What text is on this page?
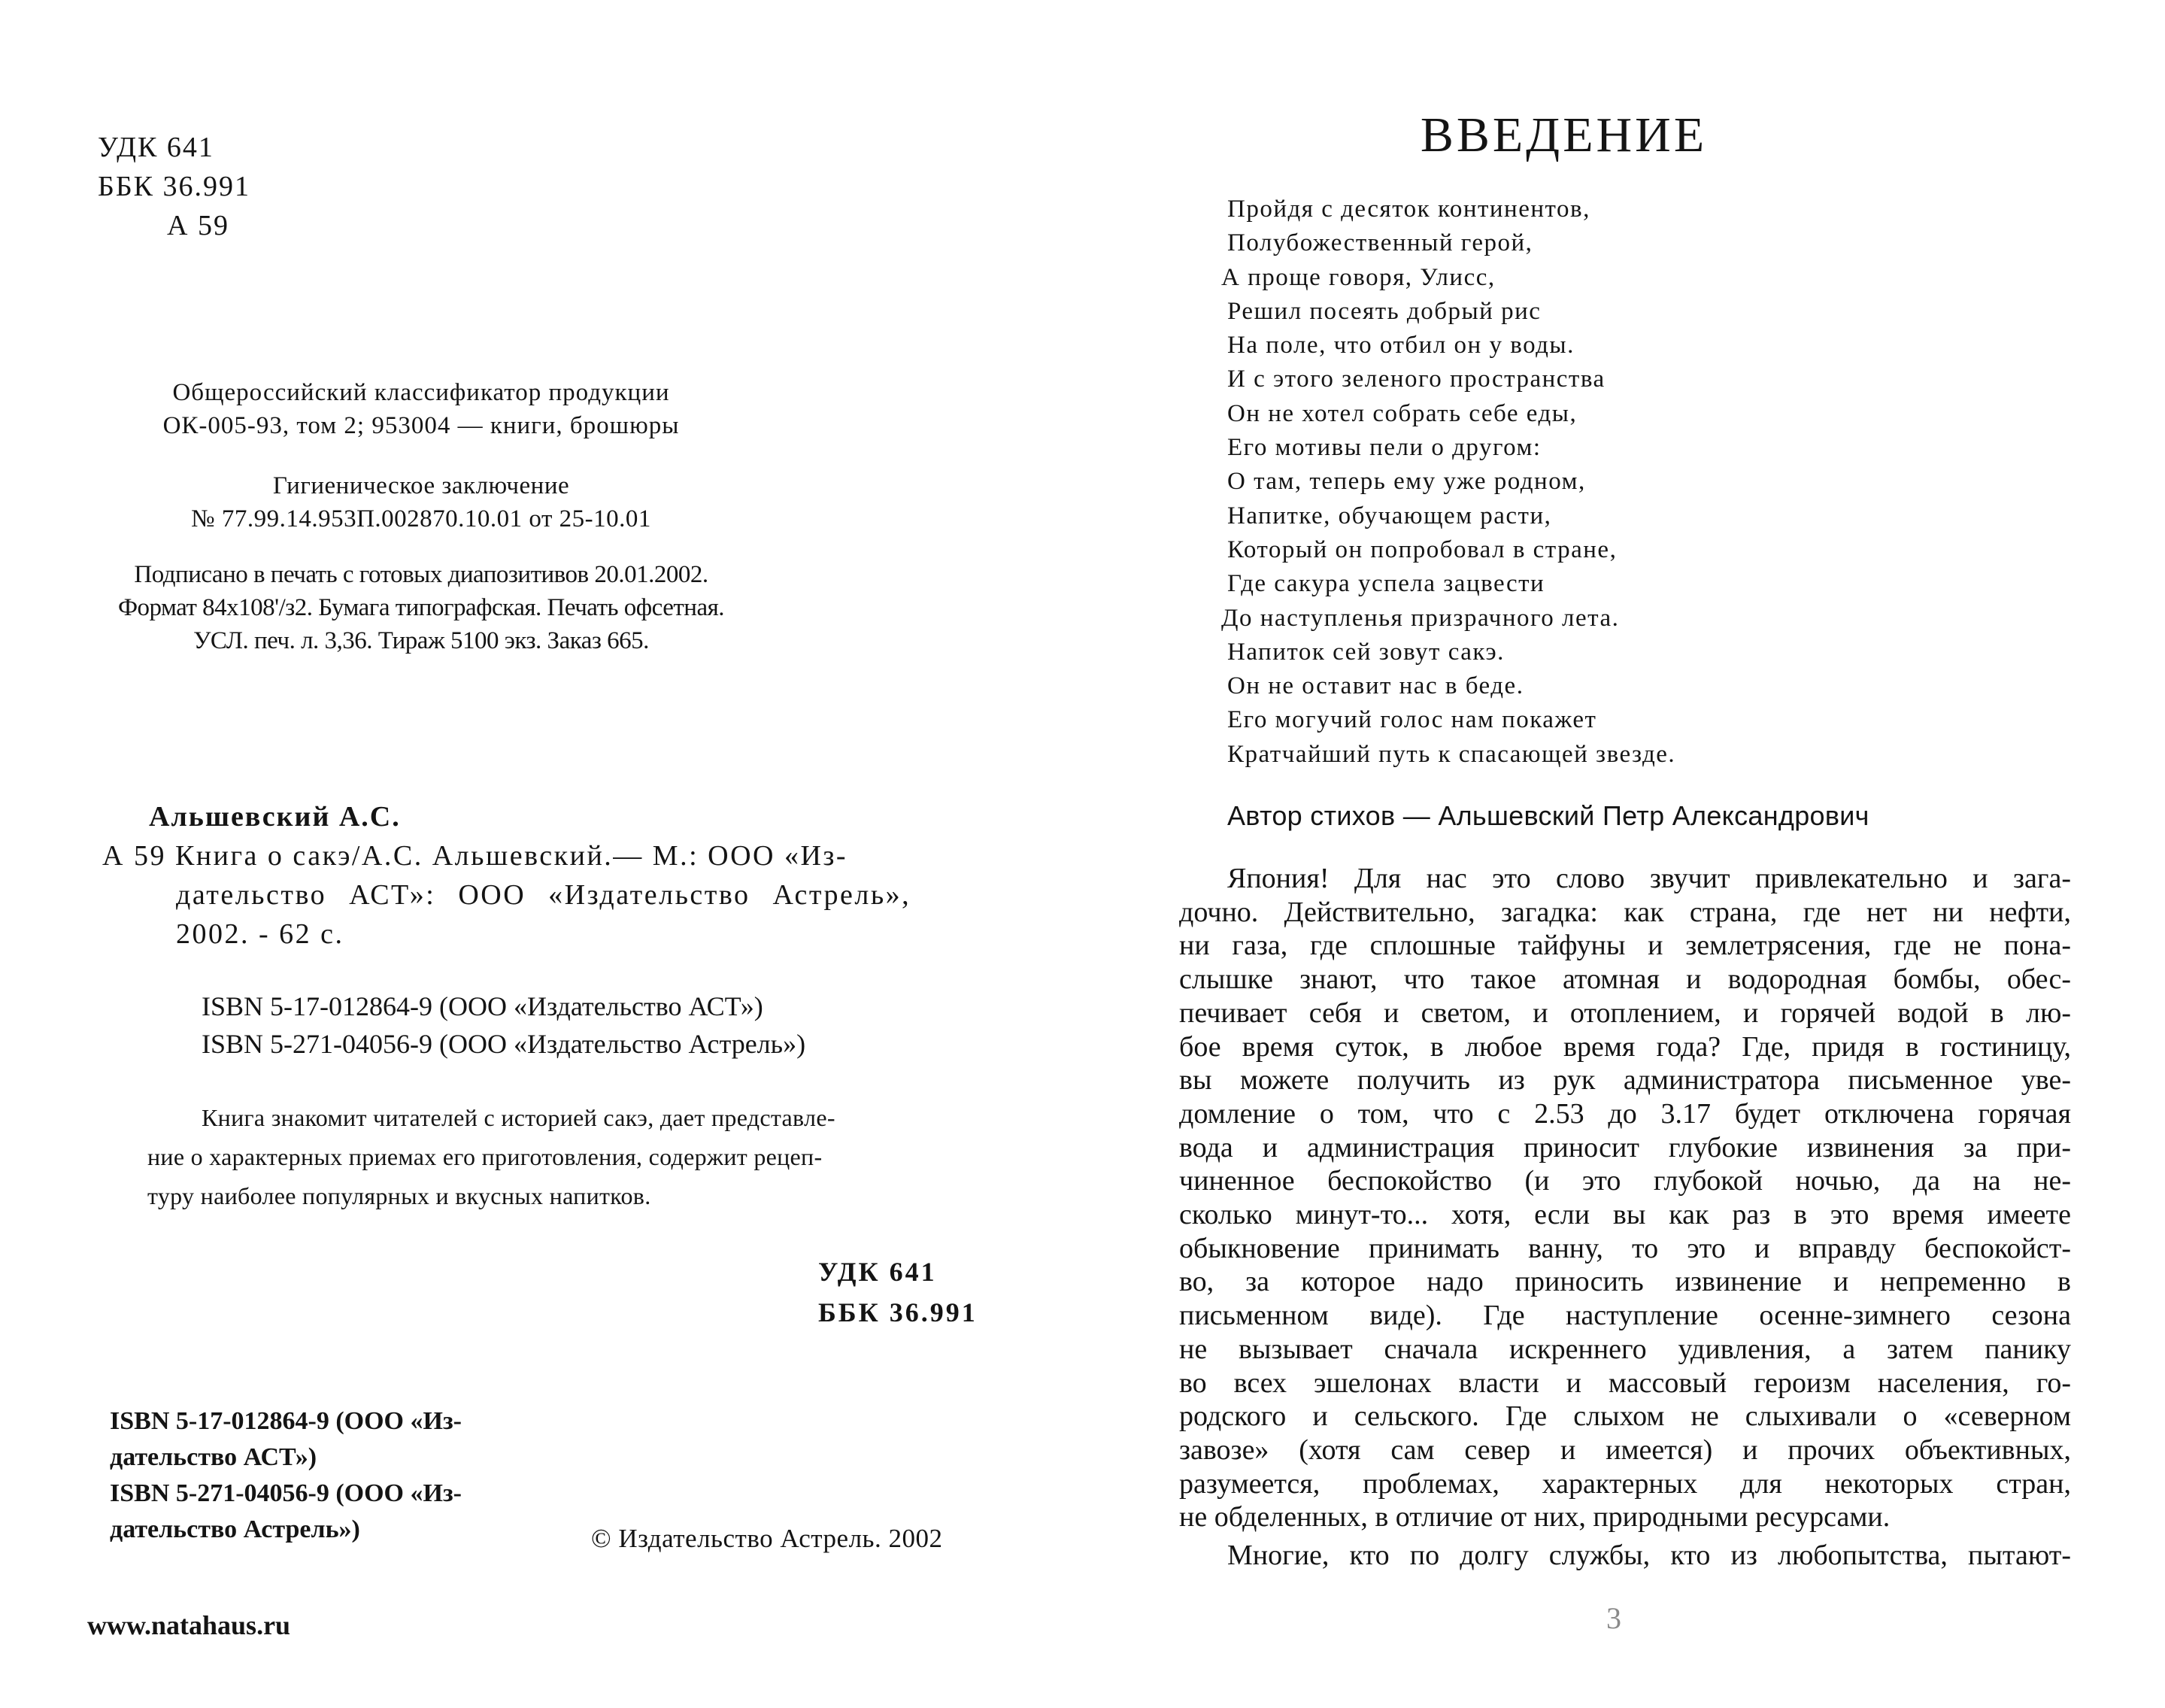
УДК 641
ББК 36.991
А 59
Общероссийский классификатор продукции
ОК-005-93, том 2; 953004 — книги, брошюры
Гигиеническое заключение
№ 77.99.14.953П.002870.10.01 от 25-10.01
Подписано в печать с готовых диапозитивов 20.01.2002.
Формат 84х108'/з2. Бумага типографская. Печать офсетная.
УСЛ. печ. л. 3,36. Тираж 5100 экз. Заказ 665.
Альшевский А.С.
А 59 Книга о сакэ/А.С. Альшевский.— М.: ООО «Из-
дательство АСТ»: ООО «Издательство Астрель»,
2002. - 62 с.
ISBN 5-17-012864-9 (ООО «Издательство АСТ»)
ISBN 5-271-04056-9 (ООО «Издательство Астрель»)
Книга знакомит читателей с историей сакэ, дает представле-
ние о характерных приемах его приготовления, содержит рецеп-
туру наиболее популярных и вкусных напитков.
УДК 641
ББК 36.991
ISBN 5-17-012864-9 (ООО «Из-
дательство АСТ»)
ISBN 5-271-04056-9 (ООО «Из-
дательство Астрель»)	© Издательство Астрель. 2002
www.natahaus.ru
ВВЕДЕНИЕ
Пройдя с десяток континентов,
Полубожественный герой,
А проще говоря, Улисс,
Решил посеять добрый рис
На поле, что отбил он у воды.
И с этого зеленого пространства
Он не хотел собрать себе еды,
Его мотивы пели о другом:
О там, теперь ему уже родном,
Напитке, обучающем расти,
Который он попробовал в стране,
Где сакура успела зацвести
До наступленья призрачного лета.
Напиток сей зовут сакэ.
Он не оставит нас в беде.
Его могучий голос нам покажет
Кратчайший путь к спасающей звезде.
Автор стихов — Альшевский Петр Александрович
Япония! Для нас это слово звучит привлекательно и зага-
дочно. Действительно, загадка: как страна, где нет ни нефти,
ни газа, где сплошные тайфуны и землетрясения, где не пона-
слышке знают, что такое атомная и водородная бомбы, обес-
печивает себя и светом, и отоплением, и горячей водой в лю-
бое время суток, в любое время года? Где, придя в гостиницу,
вы можете получить из рук администратора письменное уве-
домление о том, что с 2.53 до 3.17 будет отключена горячая
вода и администрация приносит глубокие извинения за при-
чиненное беспокойство (и это глубокой ночью, да на не-
сколько минут-то... хотя, если вы как раз в это время имеете
обыкновение принимать ванну, то это и вправду беспокойст-
во, за которое надо приносить извинение и непременно в
письменном виде). Где наступление осенне-зимнего сезона
не вызывает сначала искреннего удивления, а затем панику
во всех эшелонах власти и массовый героизм населения, го-
родского и сельского. Где слыхом не слыхивали о «северном
завозе» (хотя сам север и имеется) и прочих объективных,
разумеется, проблемах, характерных для некоторых стран,
не обделенных, в отличие от них, природными ресурсами.
Многие, кто по долгу службы, кто из любопытства, пытают-
3
